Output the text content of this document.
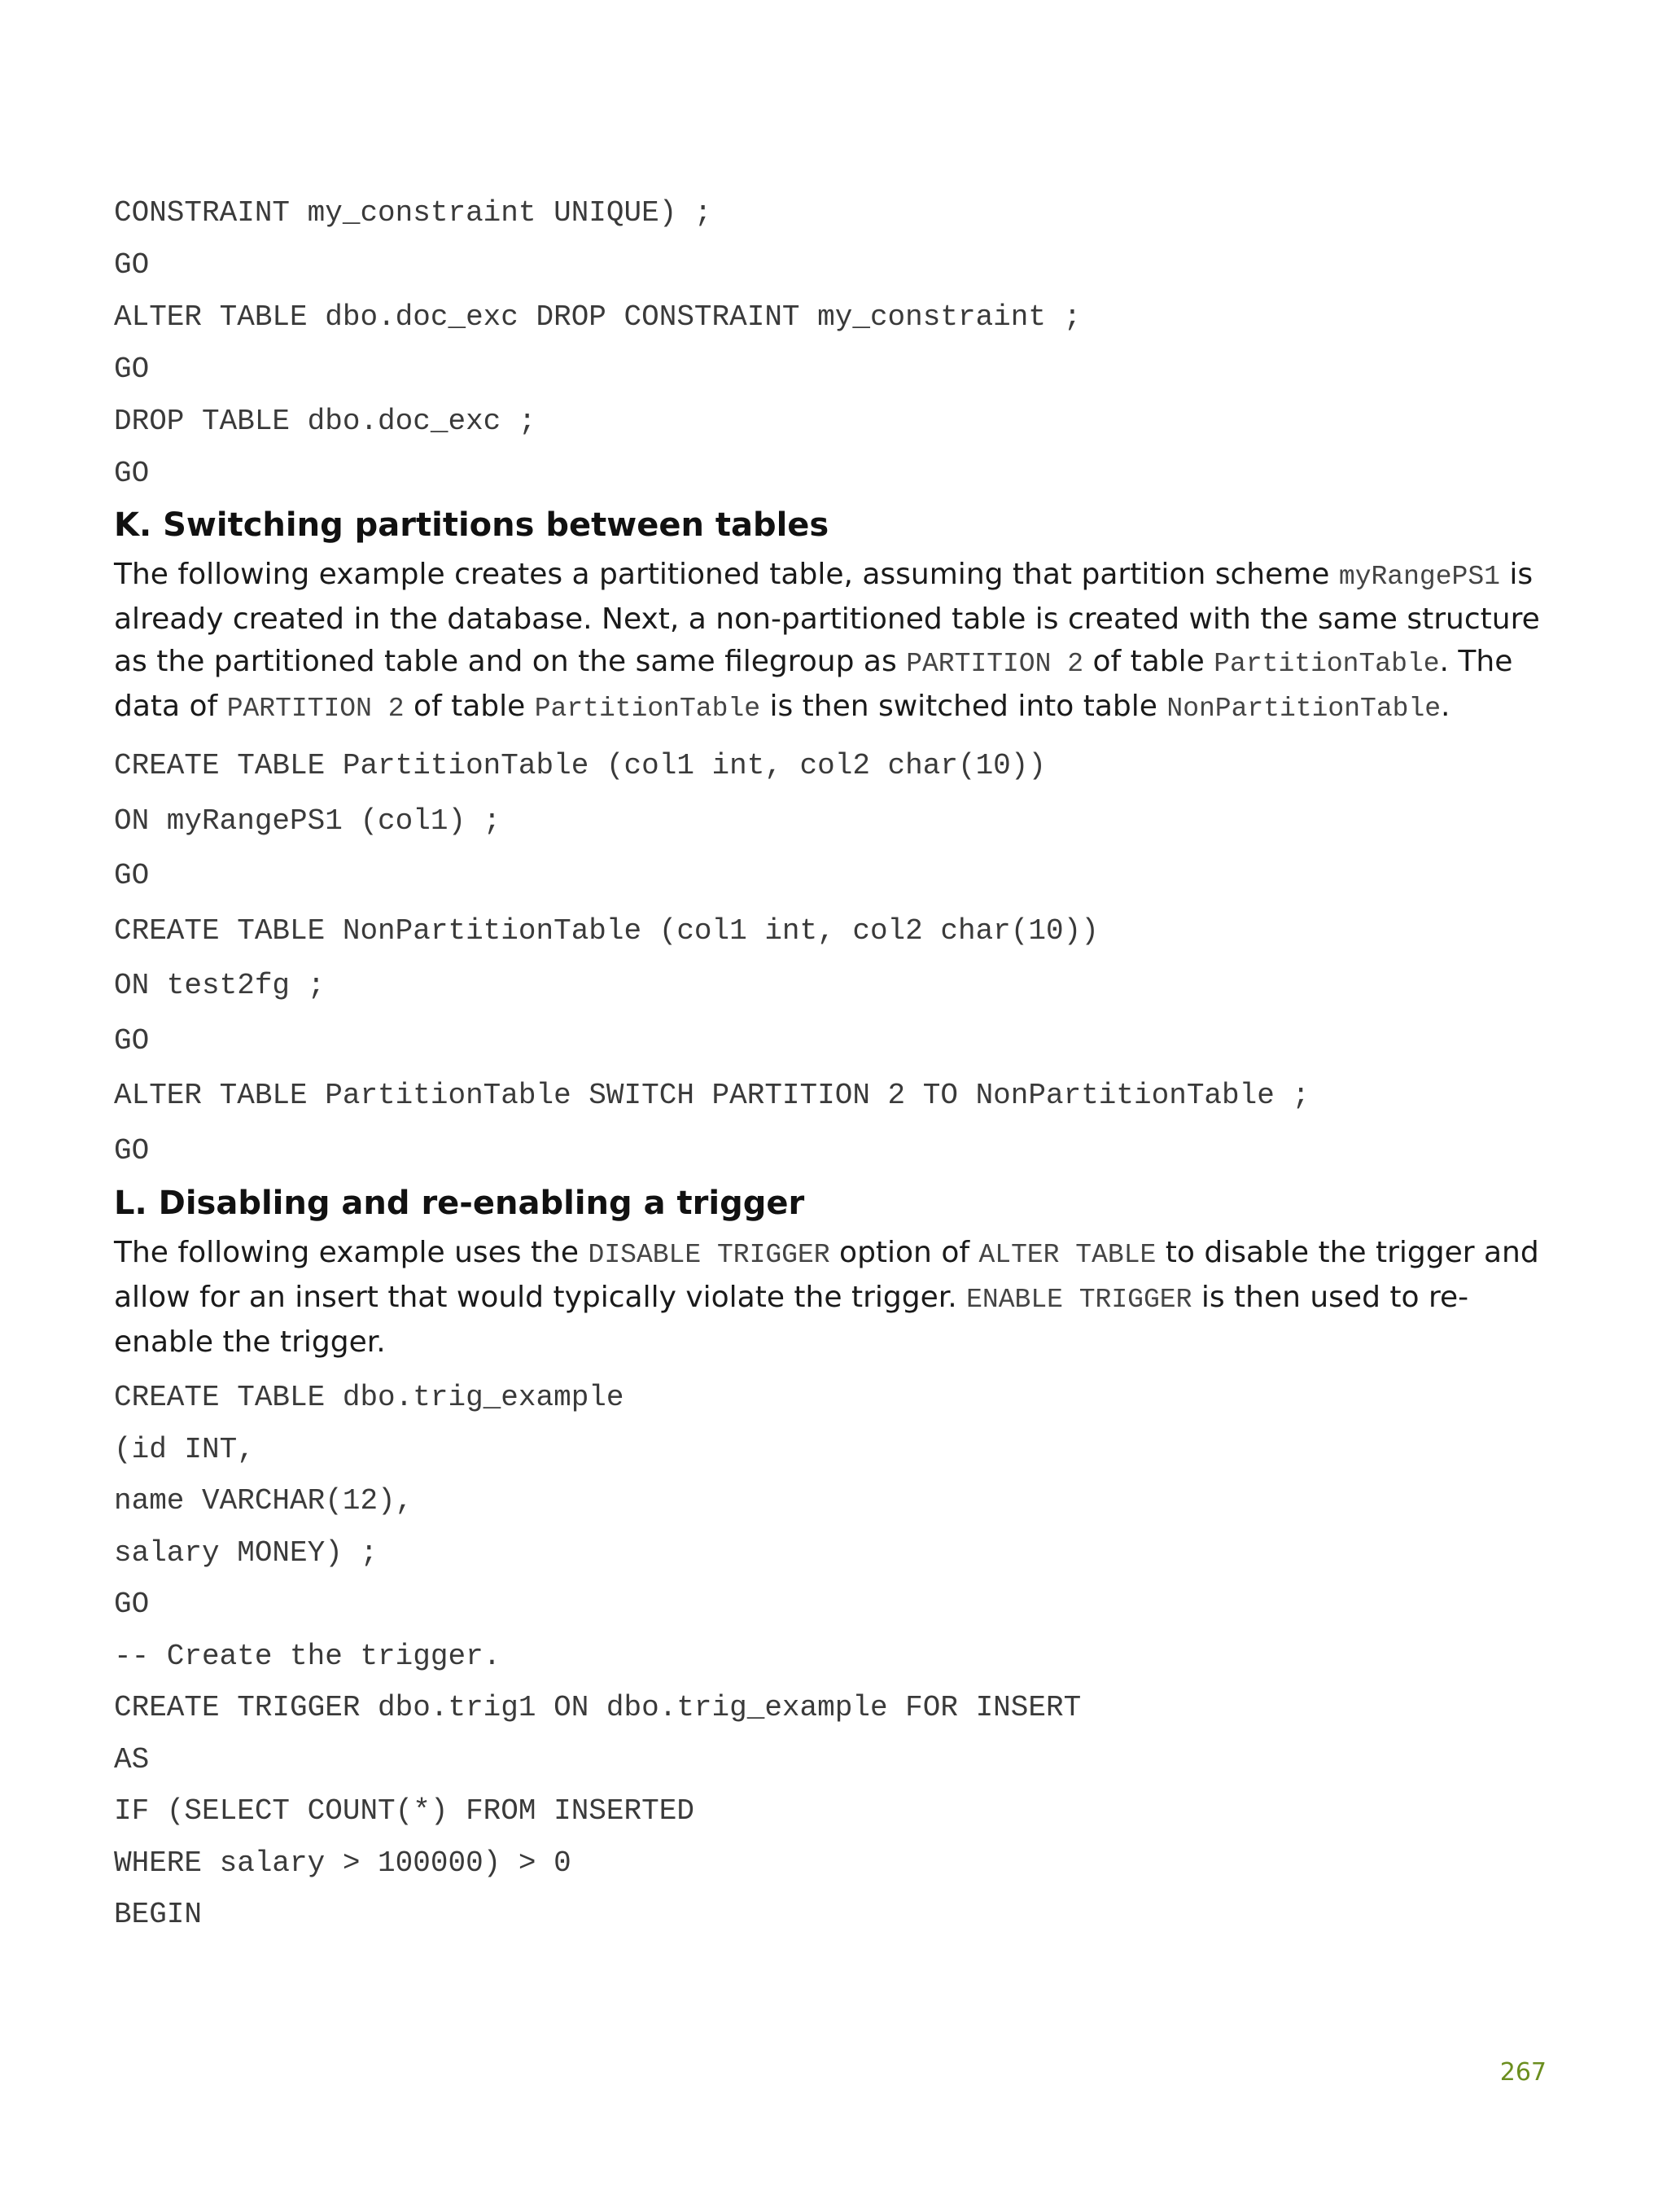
CONSTRAINT my_constraint UNIQUE) ;
GO
ALTER TABLE dbo.doc_exc DROP CONSTRAINT my_constraint ;
GO
DROP TABLE dbo.doc_exc ;
GO
K. Switching partitions between tables

The following example creates a partitioned table, assuming that partition scheme myRangePS1 is already created in the database. Next, a non-partitioned table is created with the same structure as the partitioned table and on the same filegroup as PARTITION 2 of table PartitionTable. The data of PARTITION 2 of table PartitionTable is then switched into table NonPartitionTable.

CREATE TABLE PartitionTable (col1 int, col2 char(10))
ON myRangePS1 (col1) ;
GO
CREATE TABLE NonPartitionTable (col1 int, col2 char(10))
ON test2fg ;
GO
ALTER TABLE PartitionTable SWITCH PARTITION 2 TO NonPartitionTable ;
GO
L. Disabling and re-enabling a trigger

The following example uses the DISABLE TRIGGER option of ALTER TABLE to disable the trigger and allow for an insert that would typically violate the trigger. ENABLE TRIGGER is then used to re-enable the trigger.

CREATE TABLE dbo.trig_example
(id INT,
name VARCHAR(12),
salary MONEY) ;
GO
-- Create the trigger.
CREATE TRIGGER dbo.trig1 ON dbo.trig_example FOR INSERT
AS
IF (SELECT COUNT(*) FROM INSERTED
WHERE salary > 100000) > 0
BEGIN
267
